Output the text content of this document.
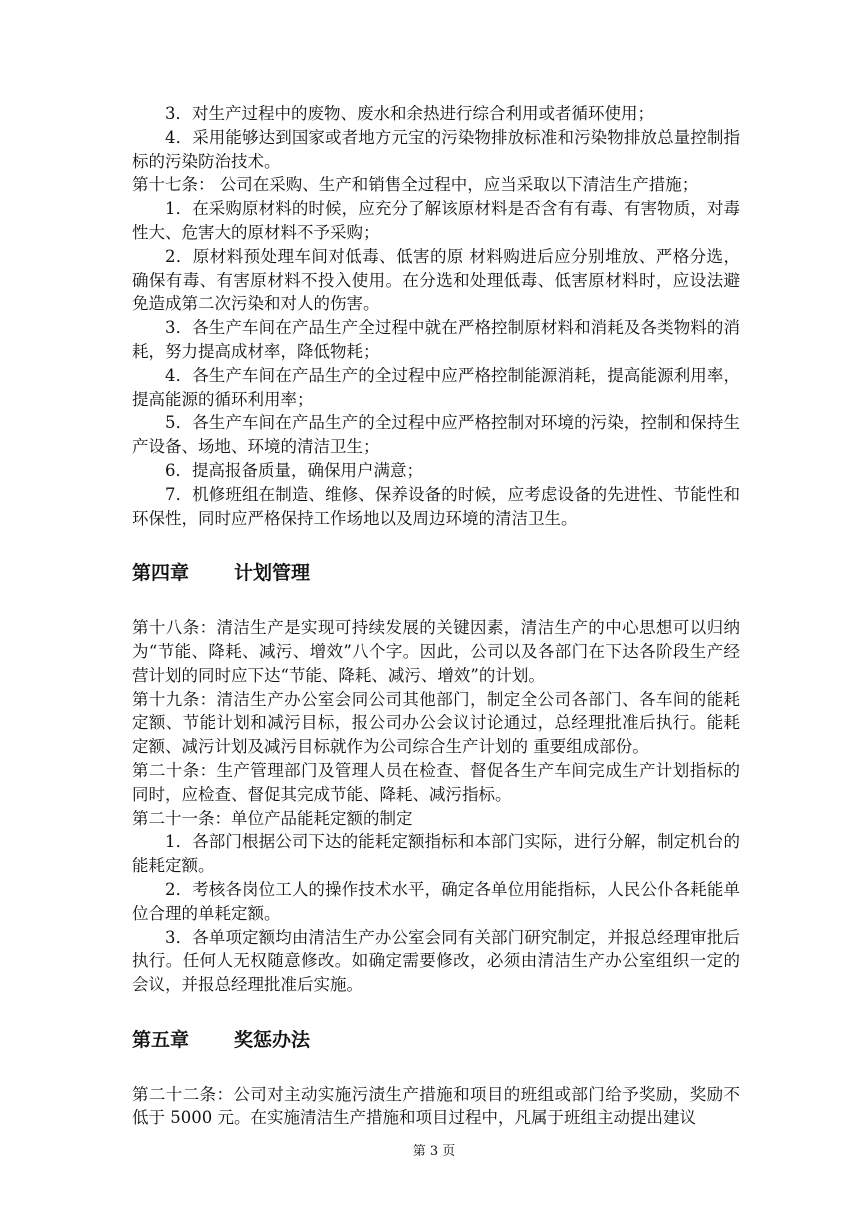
3．对生产过程中的废物、废水和余热进行综合利用或者循环使用；

4．采用能够达到国家或者地方元宝的污染物排放标准和污染物排放总量控制指标的污染防治技术。

第十七条： 公司在采购、生产和销售全过程中，应当采取以下清洁生产措施；

1．在采购原材料的时候，应充分了解该原材料是否含有有毒、有害物质，对毒性大、危害大的原材料不予采购；

2．原材料预处理车间对低毒、低害的原 材料购进后应分别堆放、严格分选，确保有毒、有害原材料不投入使用。在分选和处理低毒、低害原材料时，应设法避免造成第二次污染和对人的伤害。

3．各生产车间在产品生产全过程中就在严格控制原材料和消耗及各类物料的消耗，努力提高成材率，降低物耗；

4．各生产车间在产品生产的全过程中应严格控制能源消耗，提高能源利用率，提高能源的循环利用率；

5．各生产车间在产品生产的全过程中应严格控制对环境的污染，控制和保持生产设备、场地、环境的清洁卫生；

6．提高报备质量，确保用户满意；

7．机修班组在制造、维修、保养设备的时候，应考虑设备的先进性、节能性和环保性，同时应严格保持工作场地以及周边环境的清洁卫生。

第四章	计划管理

第十八条：清洁生产是实现可持续发展的关键因素，清洁生产的中心思想可以归纳为“节能、降耗、减污、增效”八个字。因此，公司以及各部门在下达各阶段生产经营计划的同时应下达“节能、降耗、减污、增效”的计划。

第十九条：清洁生产办公室会同公司其他部门，制定全公司各部门、各车间的能耗定额、节能计划和减污目标，报公司办公会议讨论通过，总经理批准后执行。能耗定额、减污计划及减污目标就作为公司综合生产计划的 重要组成部份。

第二十条：生产管理部门及管理人员在检查、督促各生产车间完成生产计划指标的同时，应检查、督促其完成节能、降耗、减污指标。

第二十一条：单位产品能耗定额的制定

1．各部门根据公司下达的能耗定额指标和本部门实际，进行分解，制定机台的能耗定额。

2．考核各岗位工人的操作技术水平，确定各单位用能指标，人民公仆各耗能单位合理的单耗定额。

3．各单项定额均由清洁生产办公室会同有关部门研究制定，并报总经理审批后执行。任何人无权随意修改。如确定需要修改，必须由清洁生产办公室组织一定的会议，并报总经理批准后实施。

第五章	奖惩办法

第二十二条：公司对主动实施污渍生产措施和项目的班组或部门给予奖励，奖励不低于 5000 元。在实施清洁生产措施和项目过程中，凡属于班组主动提出建议

第 3 页
